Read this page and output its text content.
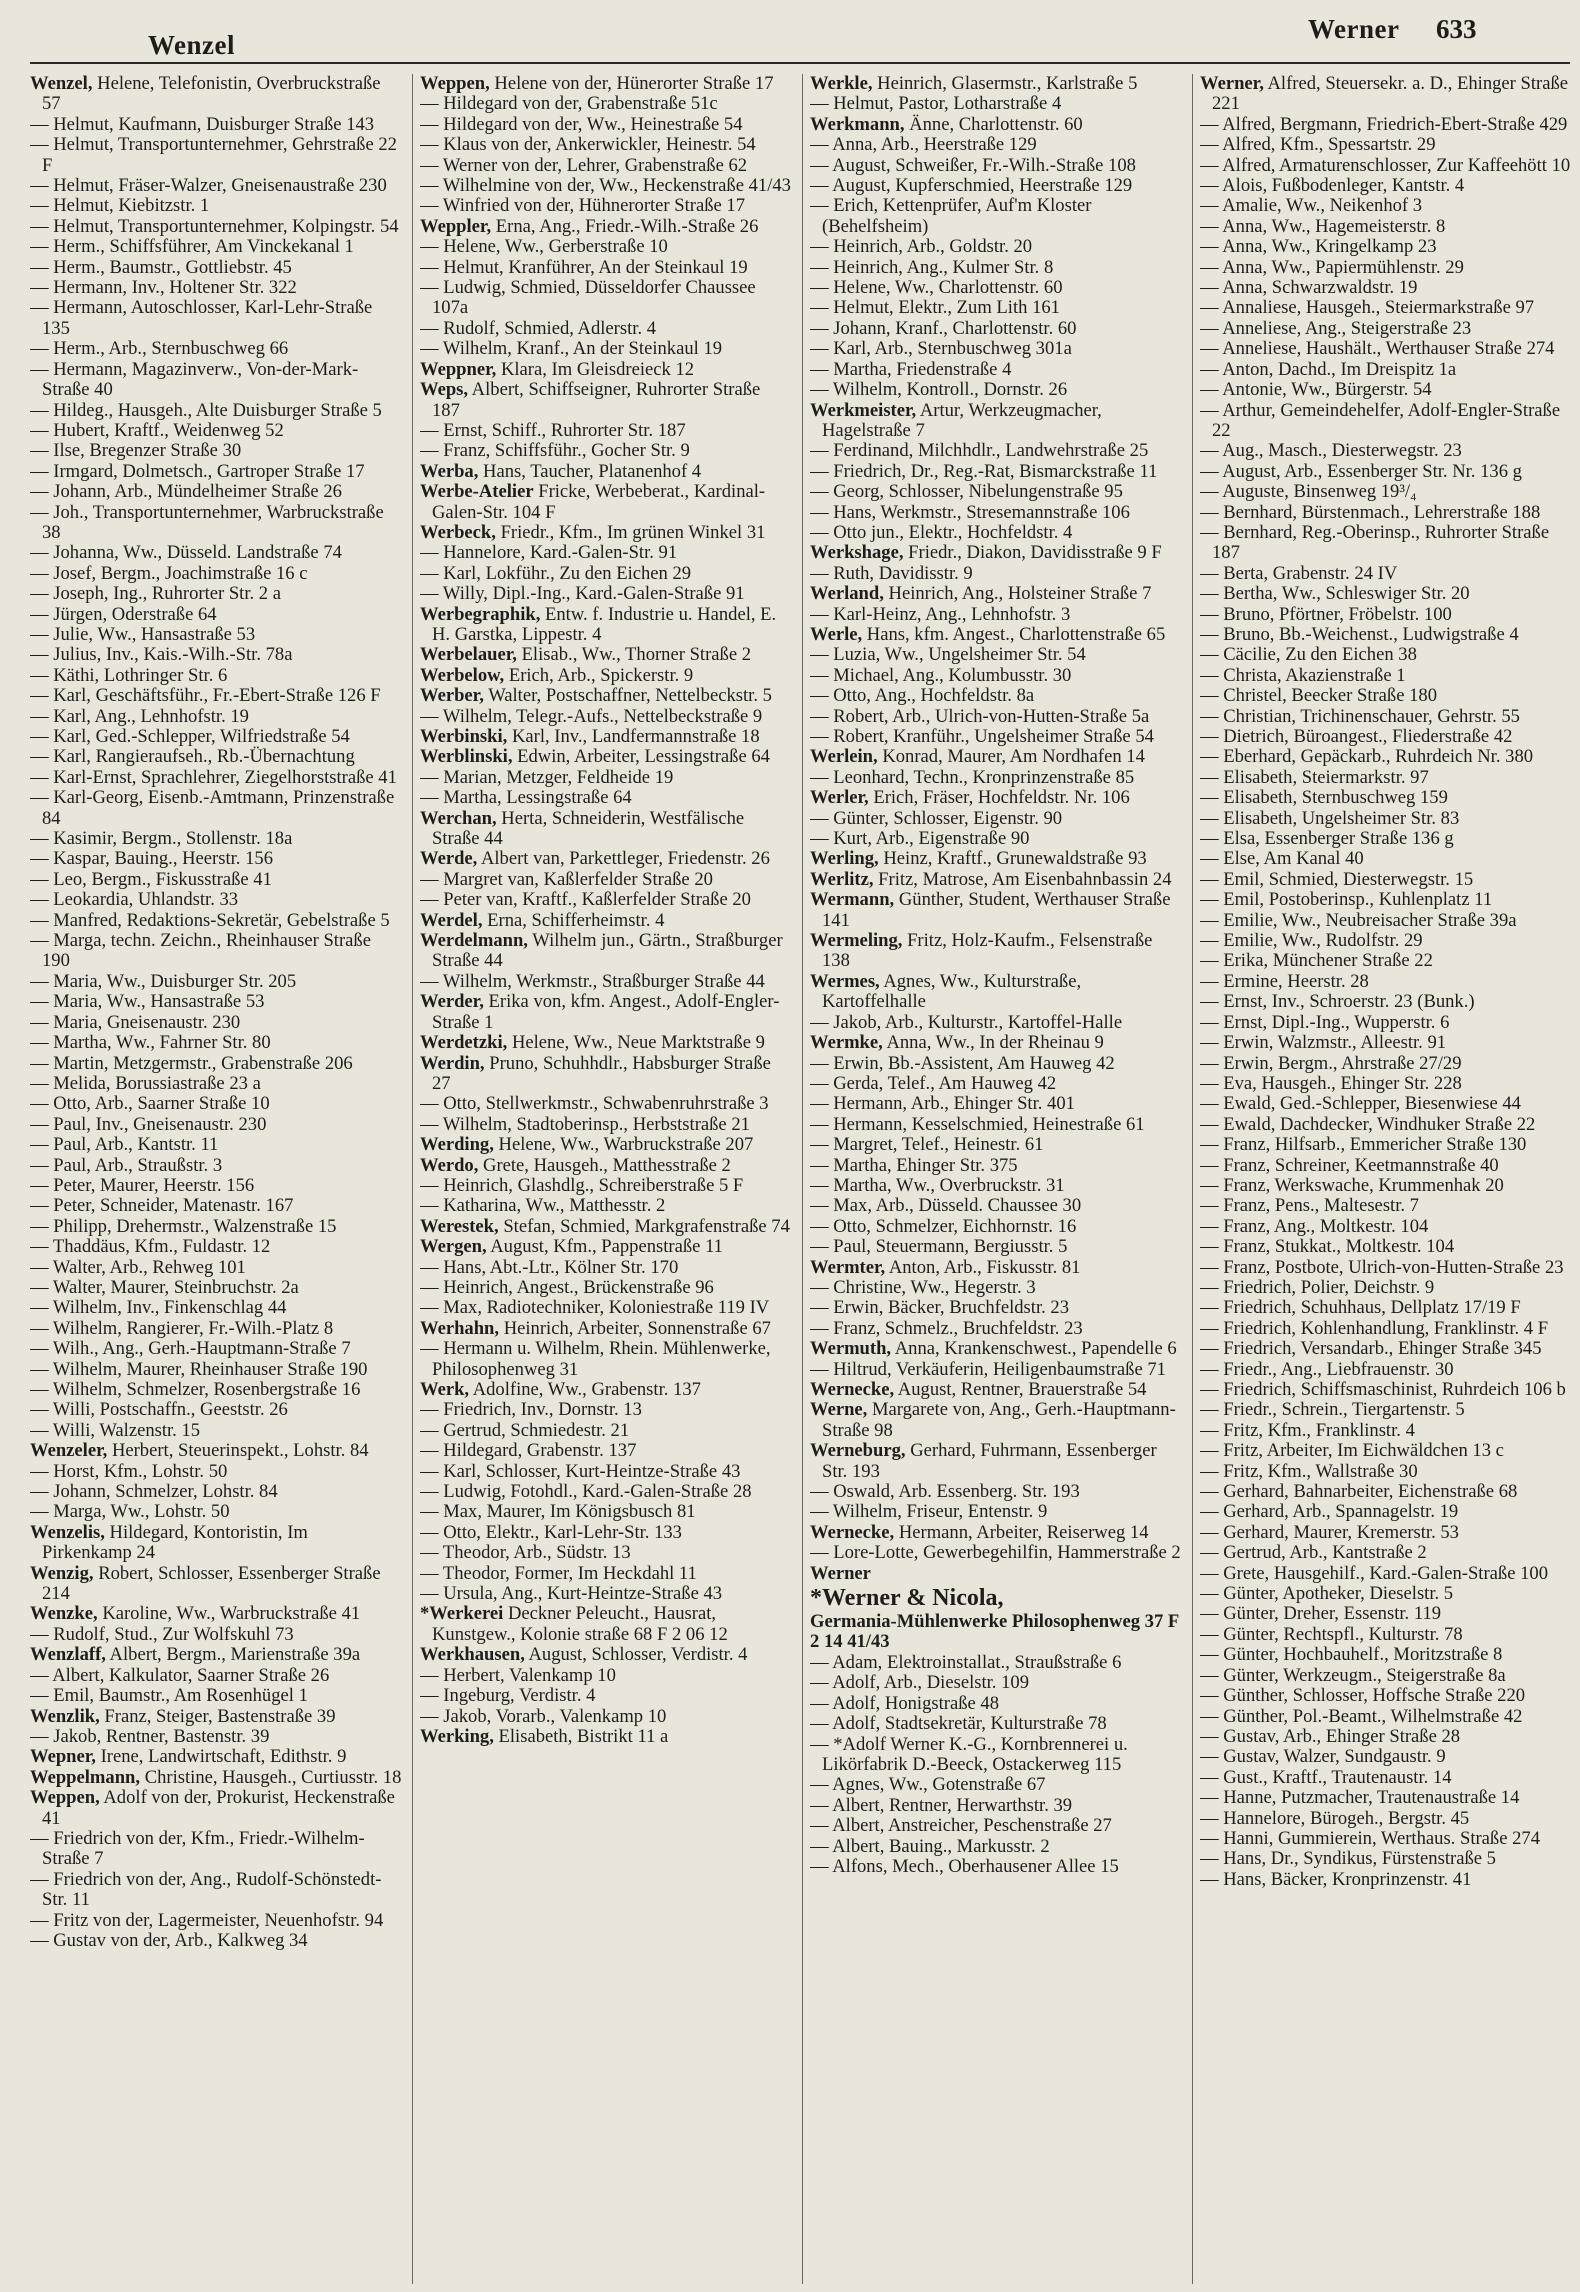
Wenzel
Werner 633

Wenzel, Helene, Telefonistin, Overbruckstraße 57

— Helmut, Kaufmann, Duisburger Straße 143

— Helmut, Transportunternehmer, Gehrstraße 22 F

— Helmut, Fräser-Walzer, Gneisenaustraße 230

— Helmut, Kiebitzstr. 1

— Helmut, Transportunternehmer, Kolpingstr. 54

— Herm., Schiffsführer, Am Vinckekanal 1

— Herm., Baumstr., Gottliebstr. 45

— Hermann, Inv., Holtener Str. 322

— Hermann, Autoschlosser, Karl-Lehr-Straße 135

— Herm., Arb., Sternbuschweg 66

— Hermann, Magazinverw., Von-der-Mark-Straße 40

— Hildeg., Hausgeh., Alte Duisburger Straße 5

— Hubert, Kraftf., Weidenweg 52

— Ilse, Bregenzer Straße 30

— Irmgard, Dolmetsch., Gartroper Straße 17

— Johann, Arb., Mündelheimer Straße 26

— Joh., Transportunternehmer, Warbruckstraße 38

— Johanna, Ww., Düsseld. Landstraße 74

— Josef, Bergm., Joachimstraße 16 c

— Joseph, Ing., Ruhrorter Str. 2 a

— Jürgen, Oderstraße 64

— Julie, Ww., Hansastraße 53

— Julius, Inv., Kais.-Wilh.-Str. 78a

— Käthi, Lothringer Str. 6

— Karl, Geschäftsführ., Fr.-Ebert-Straße 126 F

— Karl, Ang., Lehnhofstr. 19

— Karl, Ged.-Schlepper, Wilfriedstraße 54

— Karl, Rangieraufseh., Rb.-Übernachtung

— Karl-Ernst, Sprachlehrer, Ziegelhorststraße 41

— Karl-Georg, Eisenb.-Amtmann, Prinzenstraße 84

— Kasimir, Bergm., Stollenstr. 18a

— Kaspar, Bauing., Heerstr. 156

— Leo, Bergm., Fiskusstraße 41

— Leokardia, Uhlandstr. 33

— Manfred, Redaktions-Sekretär, Gebelstraße 5

— Marga, techn. Zeichn., Rheinhauser Straße 190

— Maria, Ww., Duisburger Str. 205

— Maria, Ww., Hansastraße 53

— Maria, Gneisenaustr. 230

— Martha, Ww., Fahrner Str. 80

— Martin, Metzgermstr., Grabenstraße 206

— Melida, Borussiastraße 23 a

— Otto, Arb., Saarner Straße 10

— Paul, Inv., Gneisenaustr. 230

— Paul, Arb., Kantstr. 11

— Paul, Arb., Straußstr. 3

— Peter, Maurer, Heerstr. 156

— Peter, Schneider, Matenastr. 167

— Philipp, Drehermstr., Walzenstraße 15

— Thaddäus, Kfm., Fuldastr. 12

— Walter, Arb., Rehweg 101

— Walter, Maurer, Steinbruchstr. 2a

— Wilhelm, Inv., Finkenschlag 44

— Wilhelm, Rangierer, Fr.-Wilh.-Platz 8

— Wilh., Ang., Gerh.-Hauptmann-Straße 7

— Wilhelm, Maurer, Rheinhauser Straße 190

— Wilhelm, Schmelzer, Rosenbergstraße 16

— Willi, Postschaffn., Geeststr. 26

— Willi, Walzenstr. 15

Wenzeler, Herbert, Steuerinspekt., Lohstr. 84

— Horst, Kfm., Lohstr. 50

— Johann, Schmelzer, Lohstr. 84

— Marga, Ww., Lohstr. 50

Wenzelis, Hildegard, Kontoristin, Im Pirkenkamp 24

Wenzig, Robert, Schlosser, Essenberger Straße 214

Wenzke, Karoline, Ww., Warbruckstraße 41

— Rudolf, Stud., Zur Wolfskuhl 73

Wenzlaff, Albert, Bergm., Marienstraße 39a

— Albert, Kalkulator, Saarner Straße 26

— Emil, Baumstr., Am Rosenhügel 1

Wenzlik, Franz, Steiger, Bastenstraße 39

— Jakob, Rentner, Bastenstr. 39

Wepner, Irene, Landwirtschaft, Edithstr. 9

Weppelmann, Christine, Hausgeh., Curtiusstr. 18

Weppen, Adolf von der, Prokurist, Heckenstraße 41

— Friedrich von der, Kfm., Friedr.-Wilhelm-Straße 7

— Friedrich von der, Ang., Rudolf-Schönstedt-Str. 11

— Fritz von der, Lagermeister, Neuenhofstr. 94

— Gustav von der, Arb., Kalkweg 34

Weppen, Helene von der, Hünerorter Straße 17

— Hildegard von der, Grabenstraße 51c

— Hildegard von der, Ww., Heinestraße 54

— Klaus von der, Ankerwickler, Heinestr. 54

— Werner von der, Lehrer, Grabenstraße 62

— Wilhelmine von der, Ww., Heckenstraße 41/43

— Winfried von der, Hühnerorter Straße 17

Weppler, Erna, Ang., Friedr.-Wilh.-Straße 26

— Helene, Ww., Gerberstraße 10

— Helmut, Kranführer, An der Steinkaul 19

— Ludwig, Schmied, Düsseldorfer Chaussee 107a

— Rudolf, Schmied, Adlerstr. 4

— Wilhelm, Kranf., An der Steinkaul 19

Weppner, Klara, Im Gleisdreieck 12

Weps, Albert, Schiffseigner, Ruhrorter Straße 187

— Ernst, Schiff., Ruhrorter Str. 187

— Franz, Schiffsführ., Gocher Str. 9

Werba, Hans, Taucher, Platanenhof 4

Werbe-Atelier Fricke, Werbeberat., Kardinal-Galen-Str. 104 F

Werbeck, Friedr., Kfm., Im grünen Winkel 31

— Hannelore, Kard.-Galen-Str. 91

— Karl, Lokführ., Zu den Eichen 29

— Willy, Dipl.-Ing., Kard.-Galen-Straße 91

Werbegraphik, Entw. f. Industrie u. Handel, E. H. Garstka, Lippestr. 4

Werbelauer, Elisab., Ww., Thorner Straße 2

Werbelow, Erich, Arb., Spickerstr. 9

Werber, Walter, Postschaffner, Nettelbeckstr. 5

— Wilhelm, Telegr.-Aufs., Nettelbeckstraße 9

Werbinski, Karl, Inv., Landfermannstraße 18

Werblinski, Edwin, Arbeiter, Lessingstraße 64

— Marian, Metzger, Feldheide 19

— Martha, Lessingstraße 64

Werchan, Herta, Schneiderin, Westfälische Straße 44

Werde, Albert van, Parkettleger, Friedenstr. 26

— Margret van, Kaßlerfelder Straße 20

— Peter van, Kraftf., Kaßlerfelder Straße 20

Werdel, Erna, Schifferheimstr. 4

Werdelmann, Wilhelm jun., Gärtn., Straßburger Straße 44

— Wilhelm, Werkmstr., Straßburger Straße 44

Werder, Erika von, kfm. Angest., Adolf-Engler-Straße 1

Werdetzki, Helene, Ww., Neue Marktstraße 9

Werdin, Pruno, Schuhhdlr., Habsburger Straße 27

— Otto, Stellwerkmstr., Schwabenruhrstraße 3

— Wilhelm, Stadtoberinsp., Herbststraße 21

Werding, Helene, Ww., Warbruckstraße 207

Werdo, Grete, Hausgeh., Matthesstraße 2

— Heinrich, Glashdlg., Schreiberstraße 5 F

— Katharina, Ww., Matthesstr. 2

Werestek, Stefan, Schmied, Markgrafenstraße 74

Wergen, August, Kfm., Pappenstraße 11

— Hans, Abt.-Ltr., Kölner Str. 170

— Heinrich, Angest., Brückenstraße 96

— Max, Radiotechniker, Koloniestraße 119 IV

Werhahn, Heinrich, Arbeiter, Sonnenstraße 67

— Hermann u. Wilhelm, Rhein. Mühlenwerke, Philosophenweg 31

Werk, Adolfine, Ww., Grabenstr. 137

— Friedrich, Inv., Dornstr. 13

— Gertrud, Schmiedestr. 21

— Hildegard, Grabenstr. 137

— Karl, Schlosser, Kurt-Heintze-Straße 43

— Ludwig, Fotohdl., Kard.-Galen-Straße 28

— Max, Maurer, Im Königsbusch 81

— Otto, Elektr., Karl-Lehr-Str. 133

— Theodor, Arb., Südstr. 13

— Theodor, Former, Im Heckdahl 11

— Ursula, Ang., Kurt-Heintze-Straße 43

*Werkerei Deckner Peleucht., Hausrat, Kunstgew., Kolonie straße 68 F 2 06 12

Werkhausen, August, Schlosser, Verdistr. 4

— Herbert, Valenkamp 10

— Ingeburg, Verdistr. 4

— Jakob, Vorarb., Valenkamp 10

Werking, Elisabeth, Bistrikt 11 a

Werkle, Heinrich, Glasermstr., Karlstraße 5

— Helmut, Pastor, Lotharstraße 4

Werkmann, Änne, Charlottenstr. 60

— Anna, Arb., Heerstraße 129

— August, Schweißer, Fr.-Wilh.-Straße 108

— August, Kupferschmied, Heerstraße 129

— Erich, Kettenprüfer, Auf'm Kloster (Behelfsheim)

— Heinrich, Arb., Goldstr. 20

— Heinrich, Ang., Kulmer Str. 8

— Helene, Ww., Charlottenstr. 60

— Helmut, Elektr., Zum Lith 161

— Johann, Kranf., Charlottenstr. 60

— Karl, Arb., Sternbuschweg 301a

— Martha, Friedenstraße 4

— Wilhelm, Kontroll., Dornstr. 26

Werkmeister, Artur, Werkzeugmacher, Hagelstraße 7

— Ferdinand, Milchhdlr., Landwehrstraße 25

— Friedrich, Dr., Reg.-Rat, Bismarckstraße 11

— Georg, Schlosser, Nibelungenstraße 95

— Hans, Werkmstr., Stresemannstraße 106

— Otto jun., Elektr., Hochfeldstr. 4

Werkshage, Friedr., Diakon, Davidisstraße 9 F

— Ruth, Davidisstr. 9

Werland, Heinrich, Ang., Holsteiner Straße 7

— Karl-Heinz, Ang., Lehnhofstr. 3

Werle, Hans, kfm. Angest., Charlottenstraße 65

— Luzia, Ww., Ungelsheimer Str. 54

— Michael, Ang., Kolumbusstr. 30

— Otto, Ang., Hochfeldstr. 8a

— Robert, Arb., Ulrich-von-Hutten-Straße 5a

— Robert, Kranführ., Ungelsheimer Straße 54

Werlein, Konrad, Maurer, Am Nordhafen 14

— Leonhard, Techn., Kronprinzenstraße 85

Werler, Erich, Fräser, Hochfeldstr. Nr. 106

— Günter, Schlosser, Eigenstr. 90

— Kurt, Arb., Eigenstraße 90

Werling, Heinz, Kraftf., Grunewaldstraße 93

Werlitz, Fritz, Matrose, Am Eisenbahnbassin 24

Wermann, Günther, Student, Werthauser Straße 141

Wermeling, Fritz, Holz-Kaufm., Felsenstraße 138

Wermes, Agnes, Ww., Kulturstraße, Kartoffelhalle

— Jakob, Arb., Kulturstr., Kartoffel-Halle

Wermke, Anna, Ww., In der Rheinau 9

— Erwin, Bb.-Assistent, Am Hauweg 42

— Gerda, Telef., Am Hauweg 42

— Hermann, Arb., Ehinger Str. 401

— Hermann, Kesselschmied, Heinestraße 61

— Margret, Telef., Heinestr. 61

— Martha, Ehinger Str. 375

— Martha, Ww., Overbruckstr. 31

— Max, Arb., Düsseld. Chaussee 30

— Otto, Schmelzer, Eichhornstr. 16

— Paul, Steuermann, Bergiusstr. 5

Wermter, Anton, Arb., Fiskusstr. 81

— Christine, Ww., Hegerstr. 3

— Erwin, Bäcker, Bruchfeldstr. 23

— Franz, Schmelz., Bruchfeldstr. 23

Wermuth, Anna, Krankenschwest., Papendelle 6

— Hiltrud, Verkäuferin, Heiligenbaumstraße 71

Wernecke, August, Rentner, Brauerstraße 54

Werne, Margarete von, Ang., Gerh.-Hauptmann-Straße 98

Werneburg, Gerhard, Fuhrmann, Essenberger Str. 193

— Oswald, Arb. Essenberg. Str. 193

— Wilhelm, Friseur, Entenstr. 9

Wernecke, Hermann, Arbeiter, Reiserweg 14

— Lore-Lotte, Gewerbegehilfin, Hammerstraße 2

Werner

*Werner & Nicola,

Germania-Mühlenwerke Philosophenweg 37 F 2 14 41/43

— Adam, Elektroinstallat., Straußstraße 6

— Adolf, Arb., Dieselstr. 109

— Adolf, Honigstraße 48

— Adolf, Stadtsekretär, Kulturstraße 78

— *Adolf Werner K.-G., Kornbrennerei u. Likörfabrik D.-Beeck, Ostackerweg 115

— Agnes, Ww., Gotenstraße 67

— Albert, Rentner, Herwarthstr. 39

— Albert, Anstreicher, Peschenstraße 27

— Albert, Bauing., Markusstr. 2

— Alfons, Mech., Oberhausener Allee 15

Werner, Alfred, Steuersekr. a. D., Ehinger Straße 221

— Alfred, Bergmann, Friedrich-Ebert-Straße 429

— Alfred, Kfm., Spessartstr. 29

— Alfred, Armaturenschlosser, Zur Kaffeehött 10

— Alois, Fußbodenleger, Kantstr. 4

— Amalie, Ww., Neikenhof 3

— Anna, Ww., Hagemeisterstr. 8

— Anna, Ww., Kringelkamp 23

— Anna, Ww., Papiermühlenstr. 29

— Anna, Schwarzwaldstr. 19

— Annaliese, Hausgeh., Steiermarkstraße 97

— Anneliese, Ang., Steigerstraße 23

— Anneliese, Haushält., Werthauser Straße 274

— Anton, Dachd., Im Dreispitz 1a

— Antonie, Ww., Bürgerstr. 54

— Arthur, Gemeindehelfer, Adolf-Engler-Straße 22

— Aug., Masch., Diesterwegstr. 23

— August, Arb., Essenberger Str. Nr. 136 g

— Auguste, Binsenweg 19³/₄

— Bernhard, Bürstenmach., Lehrerstraße 188

— Bernhard, Reg.-Oberinsp., Ruhrorter Straße 187

— Berta, Grabenstr. 24 IV

— Bertha, Ww., Schleswiger Str. 20

— Bruno, Pförtner, Fröbelstr. 100

— Bruno, Bb.-Weichenst., Ludwigstraße 4

— Cäcilie, Zu den Eichen 38

— Christa, Akazienstraße 1

— Christel, Beecker Straße 180

— Christian, Trichinenschauer, Gehrstr. 55

— Dietrich, Büroangest., Fliederstraße 42

— Eberhard, Gepäckarb., Ruhrdeich Nr. 380

— Elisabeth, Steiermarkstr. 97

— Elisabeth, Sternbuschweg 159

— Elisabeth, Ungelsheimer Str. 83

— Elsa, Essenberger Straße 136 g

— Else, Am Kanal 40

— Emil, Schmied, Diesterwegstr. 15

— Emil, Postoberinsp., Kuhlenplatz 11

— Emilie, Ww., Neubreisacher Straße 39a

— Emilie, Ww., Rudolfstr. 29

— Erika, Münchener Straße 22

— Ermine, Heerstr. 28

— Ernst, Inv., Schroerstr. 23 (Bunk.)

— Ernst, Dipl.-Ing., Wupperstr. 6

— Erwin, Walzmstr., Alleestr. 91

— Erwin, Bergm., Ahrstraße 27/29

— Eva, Hausgeh., Ehinger Str. 228

— Ewald, Ged.-Schlepper, Biesenwiese 44

— Ewald, Dachdecker, Windhuker Straße 22

— Franz, Hilfsarb., Emmericher Straße 130

— Franz, Schreiner, Keetmannstraße 40

— Franz, Werkswache, Krummenhak 20

— Franz, Pens., Maltesestr. 7

— Franz, Ang., Moltkestr. 104

— Franz, Stukkat., Moltkestr. 104

— Franz, Postbote, Ulrich-von-Hutten-Straße 23

— Friedrich, Polier, Deichstr. 9

— Friedrich, Schuhhaus, Dellplatz 17/19 F

— Friedrich, Kohlenhandlung, Franklinstr. 4 F

— Friedrich, Versandarb., Ehinger Straße 345

— Friedr., Ang., Liebfrauenstr. 30

— Friedrich, Schiffsmaschinist, Ruhrdeich 106 b

— Friedr., Schrein., Tiergartenstr. 5

— Fritz, Kfm., Franklinstr. 4

— Fritz, Arbeiter, Im Eichwäldchen 13 c

— Fritz, Kfm., Wallstraße 30

— Gerhard, Bahnarbeiter, Eichenstraße 68

— Gerhard, Arb., Spannagelstr. 19

— Gerhard, Maurer, Kremerstr. 53

— Gertrud, Arb., Kantstraße 2

— Grete, Hausgehilf., Kard.-Galen-Straße 100

— Günter, Apotheker, Dieselstr. 5

— Günter, Dreher, Essenstr. 119

— Günter, Rechtspfl., Kulturstr. 78

— Günter, Hochbauhelf., Moritzstraße 8

— Günter, Werkzeugm., Steigerstraße 8a

— Günther, Schlosser, Hoffsche Straße 220

— Günther, Pol.-Beamt., Wilhelmstraße 42

— Gustav, Arb., Ehinger Straße 28

— Gustav, Walzer, Sundgaustr. 9

— Gust., Kraftf., Trautenaustr. 14

— Hanne, Putzmacher, Trautenaustraße 14

— Hannelore, Bürogeh., Bergstr. 45

— Hanni, Gummierein, Werthaus. Straße 274

— Hans, Dr., Syndikus, Fürstenstraße 5

— Hans, Bäcker, Kronprinzenstr. 41
